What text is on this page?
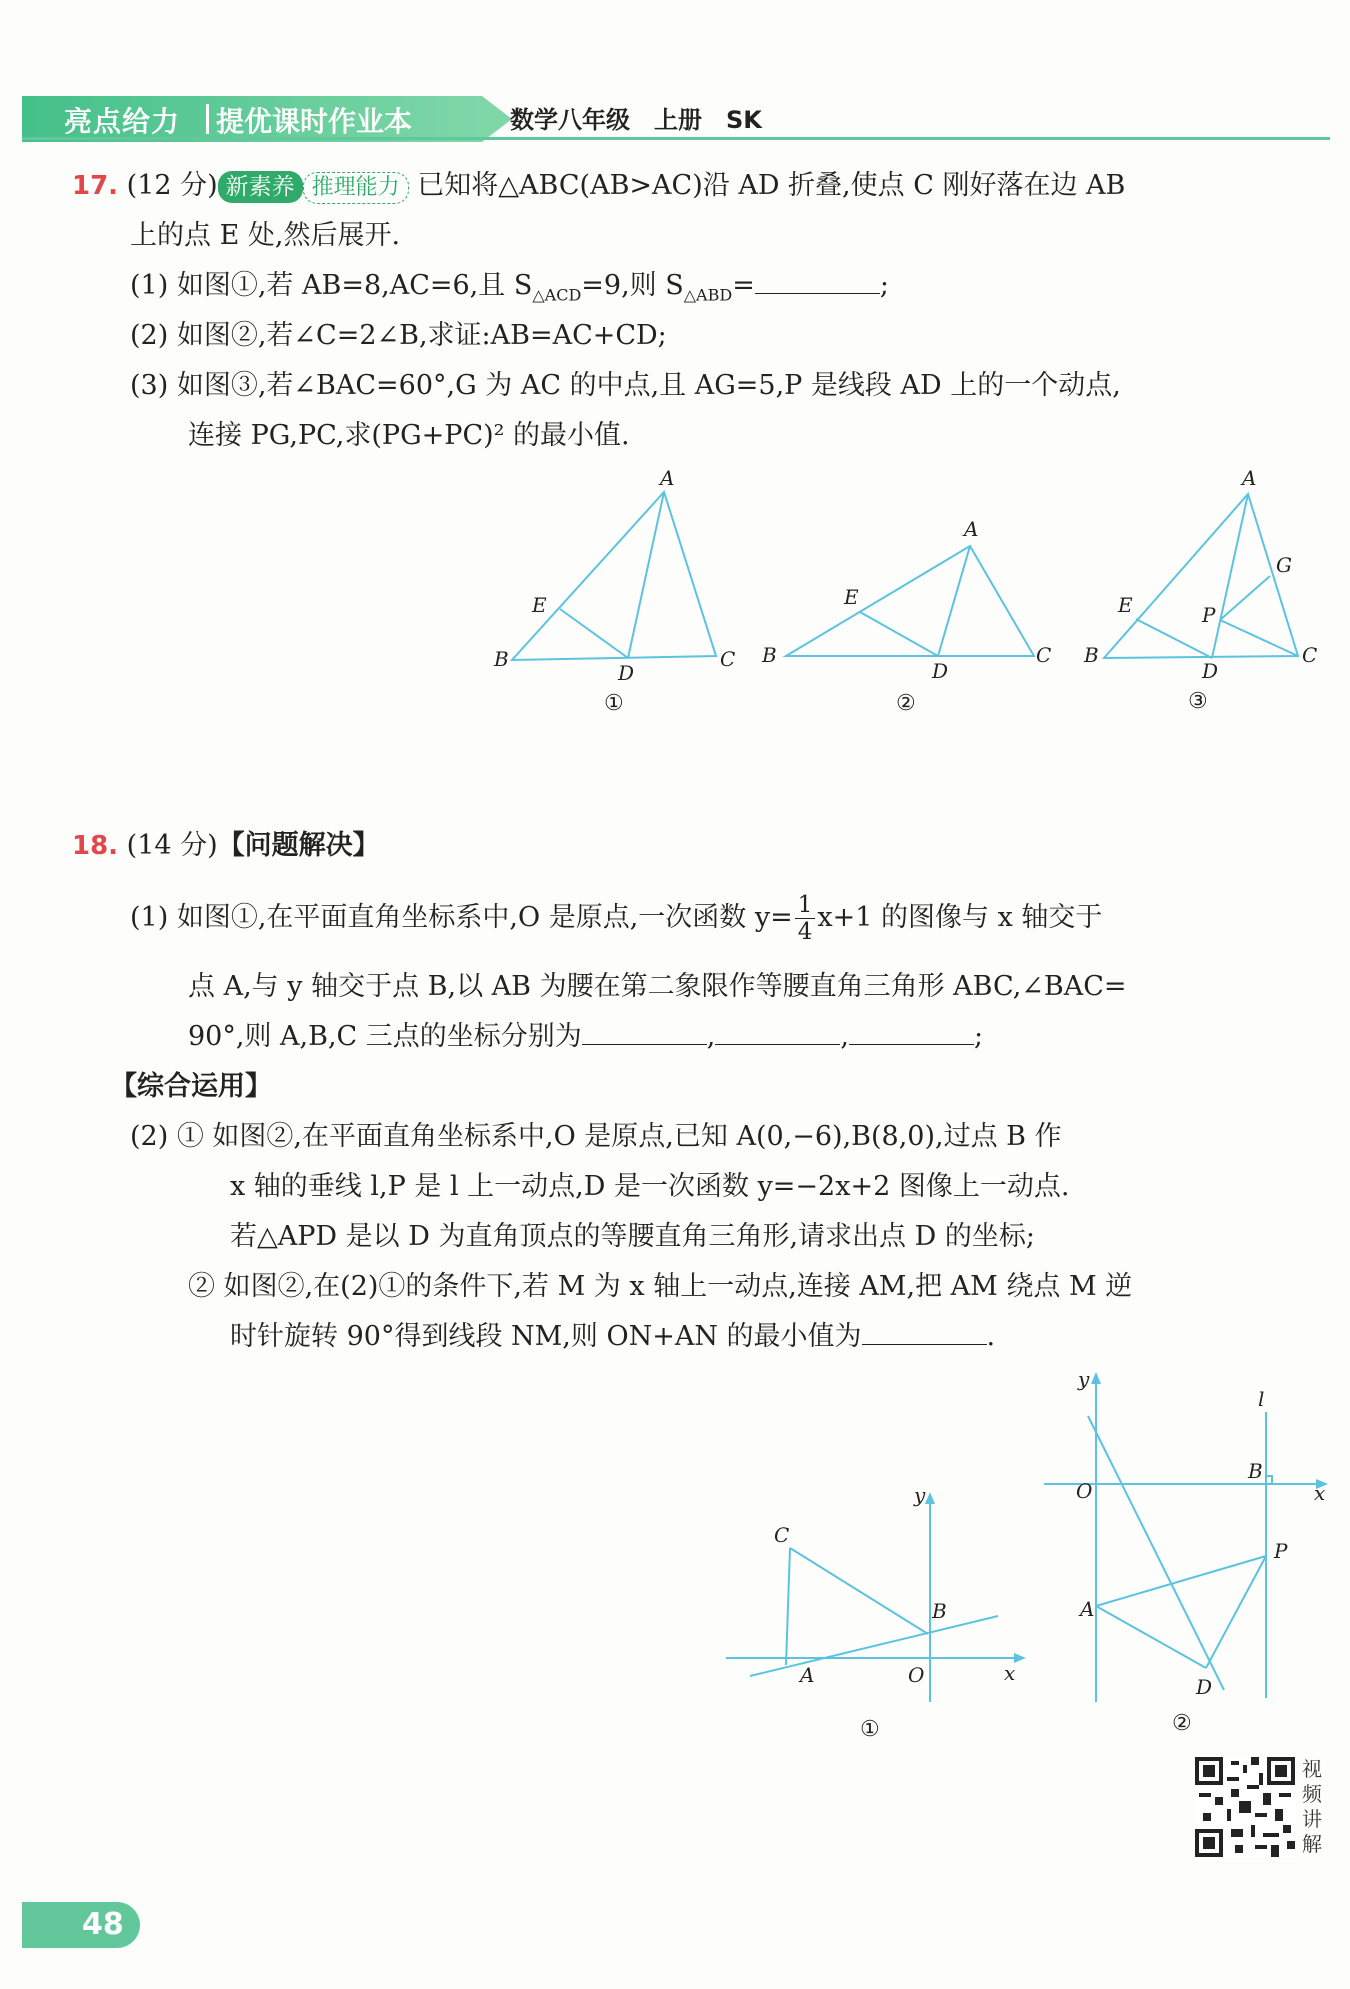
亮点给力 提优课时作业本	数学八年级　上册　SK
17. (12 分) 新素养 推理能力 已知将△ABC(AB>AC)沿 AD 折叠,使点 C 刚好落在边 AB
上的点 E 处,然后展开.
(1) 如图①,若 AB=8,AC=6,且 $S_{\triangle ACD}=9$,则 $S_{\triangle ABD}=$	;
(2) 如图②,若∠C=2∠B,求证:AB=AC+CD;
(3) 如图③,若∠BAC=60°,G 为 AC 的中点,且 AG=5,P 是线段 AD 上的一个动点,
连接 PG,PC,求(PG+PC)² 的最小值.
A
E
B
D
C
①
A
E
B
D
C
②
A
G
E	P
B
D
C
③
18. (14 分)【问题解决】
(1) 如图①,在平面直角坐标系中,O 是原点,一次函数 $y= \frac{1}{4} x+1$ 的图像与 x 轴交于
点 A,与 y 轴交于点 B,以 AB 为腰在第二象限作等腰直角三角形 ABC,∠BAC=
90°,则 A,B,C 三点的坐标分别为	,	,	;
【综合运用】
(2) ① 如图②,在平面直角坐标系中,O 是原点,已知 A(0,−6),B(8,0),过点 B 作
x 轴的垂线 l,P 是 l 上一动点,D 是一次函数 y=−2x+2 图像上一动点.
若△APD 是以 D 为直角顶点的等腰直角三角形,请求出点 D 的坐标;
② 如图②,在(2)①的条件下,若 M 为 x 轴上一动点,连接 AM,把 AM 绕点 M 逆
时针旋转 90°得到线段 NM,则 ON+AN 的最小值为	.
y
x
C
B
A	O
①
y
x
l
O
B
P
A
D
②
视频讲解
48
